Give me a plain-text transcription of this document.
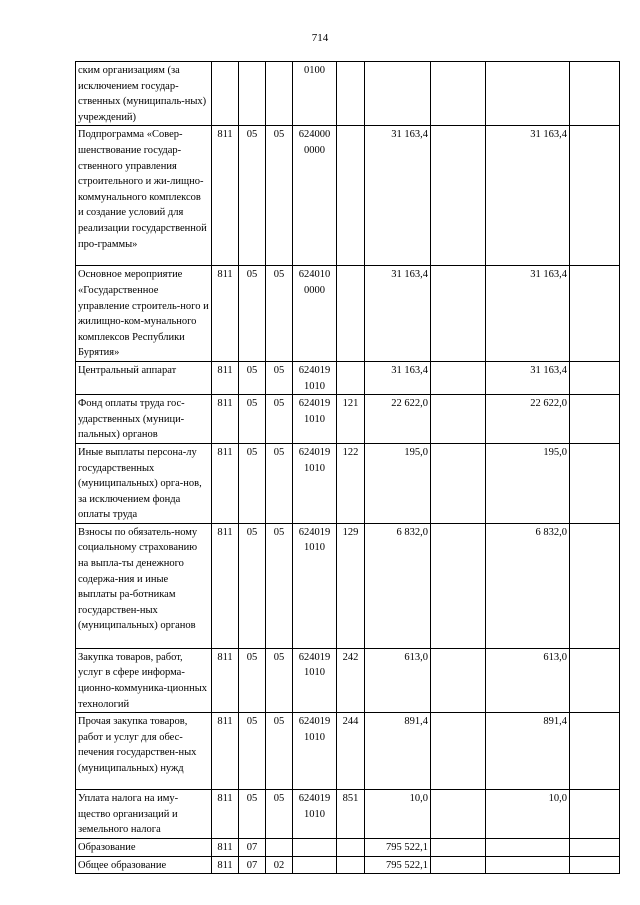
714
ским организациям (за исключением государ-ственных (муниципаль-ных) учреждений)				0100					
Подпрограмма «Совер-шенствование государ-ственного управления строительного и жи-лищно-коммунального комплексов и создание условий для реализации государственной про-граммы»	811	05	05	624000 0000		31 163,4		31 163,4	
Основное мероприятие «Государственное управление строитель-ного и жилищно-ком-мунального комплексов Республики Бурятия»	811	05	05	624010 0000		31 163,4		31 163,4	
Центральный аппарат	811	05	05	624019 1010		31 163,4		31 163,4	
Фонд оплаты труда гос-ударственных (муници-пальных) органов	811	05	05	624019 1010	121	22 622,0		22 622,0	
Иные выплаты персона-лу государственных (муниципальных) орга-нов, за исключением фонда оплаты труда	811	05	05	624019 1010	122	195,0		195,0	
Взносы по обязатель-ному социальному страхованию на выпла-ты денежного содержа-ния и иные выплаты ра-ботникам государствен-ных (муниципальных) органов	811	05	05	624019 1010	129	6 832,0		6 832,0	
Закупка товаров, работ, услуг в сфере информа-ционно-коммуника-ционных технологий	811	05	05	624019 1010	242	613,0		613,0	
Прочая закупка товаров, работ и услуг для обес-печения государствен-ных (муниципальных) нужд	811	05	05	624019 1010	244	891,4		891,4	
Уплата налога на иму-щество организаций и земельного налога	811	05	05	624019 1010	851	10,0		10,0	
Образование	811	07				795 522,1			
Общее образование	811	07	02			795 522,1			
